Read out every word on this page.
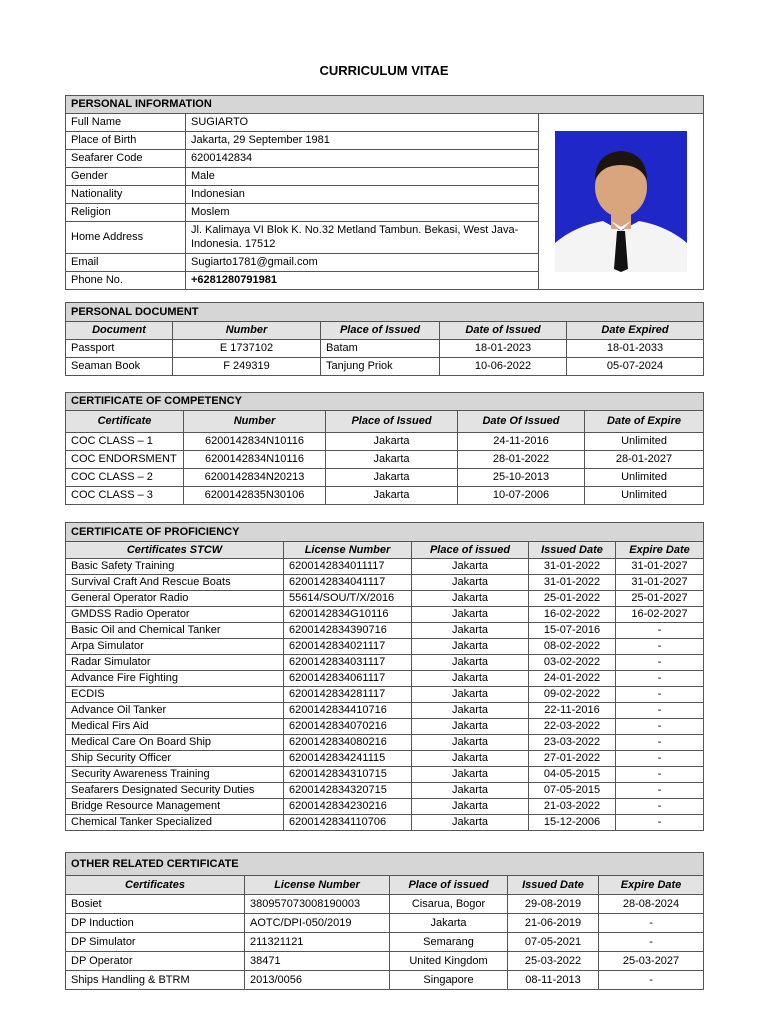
CURRICULUM VITAE
PERSONAL INFORMATION		
Full Name	SUGIARTO	

Place of Birth	Jakarta, 29 September 1981	
Seafarer Code	6200142834	
Gender	Male	
Nationality	Indonesian	
Religion	Moslem	
Home Address	Jl. Kalimaya VI Blok K. No.32 Metland Tambun. Bekasi, West Java- Indonesia. 17512	
Email	Sugiarto1781@gmail.com	
Phone No.	+6281280791981	
PERSONAL DOCUMENT				
Document	Number	Place of Issued	Date of Issued	Date Expired
Passport	E 1737102	Batam	18-01-2023	18-01-2033
Seaman Book	F 249319	Tanjung Priok	10-06-2022	05-07-2024
CERTIFICATE OF COMPETENCY				
Certificate	Number	Place of Issued	Date Of Issued	Date of Expire
COC CLASS – 1	6200142834N10116	Jakarta	24-11-2016	Unlimited
COC ENDORSMENT	6200142834N10116	Jakarta	28-01-2022	28-01-2027
COC CLASS – 2	6200142834N20213	Jakarta	25-10-2013	Unlimited
COC CLASS – 3	6200142835N30106	Jakarta	10-07-2006	Unlimited
CERTIFICATE OF PROFICIENCY				
Certificates STCW	License Number	Place of issued	Issued Date	Expire Date
Basic Safety Training	6200142834011117	Jakarta	31-01-2022	31-01-2027
Survival Craft And Rescue Boats	6200142834041117	Jakarta	31-01-2022	31-01-2027
General Operator Radio	55614/SOU/T/X/2016	Jakarta	25-01-2022	25-01-2027
GMDSS Radio Operator	6200142834G10116	Jakarta	16-02-2022	16-02-2027
Basic Oil and Chemical Tanker	6200142834390716	Jakarta	15-07-2016	-
Arpa Simulator	6200142834021117	Jakarta	08-02-2022	-
Radar Simulator	6200142834031117	Jakarta	03-02-2022	-
Advance Fire Fighting	6200142834061117	Jakarta	24-01-2022	-
ECDIS	6200142834281117	Jakarta	09-02-2022	-
Advance Oil Tanker	6200142834410716	Jakarta	22-11-2016	-
Medical Firs Aid	6200142834070216	Jakarta	22-03-2022	-
Medical Care On Board Ship	6200142834080216	Jakarta	23-03-2022	-
Ship Security Officer	6200142834241115	Jakarta	27-01-2022	-
Security Awareness Training	6200142834310715	Jakarta	04-05-2015	-
Seafarers Designated Security Duties	6200142834320715	Jakarta	07-05-2015	-
Bridge Resource Management	6200142834230216	Jakarta	21-03-2022	-
Chemical Tanker Specialized	6200142834110706	Jakarta	15-12-2006	-
OTHER RELATED CERTIFICATE				
Certificates	License Number	Place of issued	Issued Date	Expire Date
Bosiet	380957073008190003	Cisarua, Bogor	29-08-2019	28-08-2024
DP Induction	AOTC/DPI-050/2019	Jakarta	21-06-2019	-
DP Simulator	211321121	Semarang	07-05-2021	-
DP Operator	38471	United Kingdom	25-03-2022	25-03-2027
Ships Handling & BTRM	2013/0056	Singapore	08-11-2013	-
